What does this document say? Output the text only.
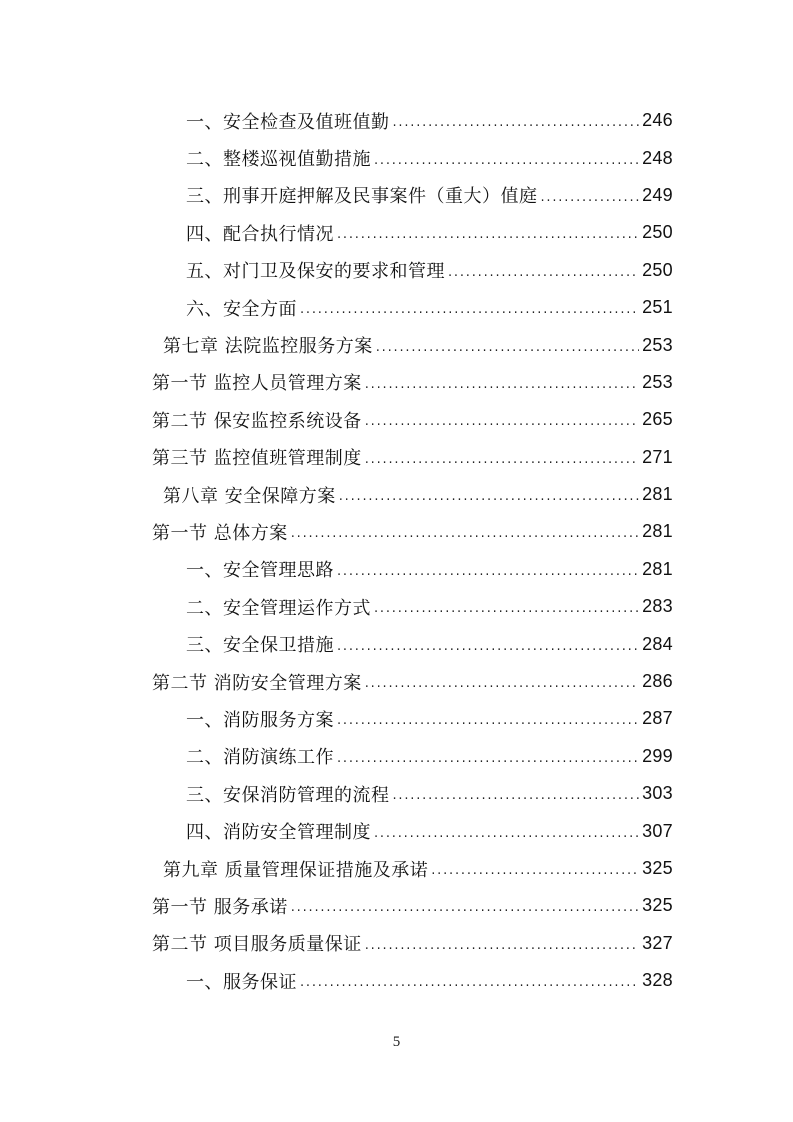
一、安全检查及值班值勤 .....	246
二、整楼巡视值勤措施 .....	248
三、刑事开庭押解及民事案件（重大）值庭 .....	249
四、配合执行情况 .....	250
五、对门卫及保安的要求和管理 .....	250
六、安全方面 .....	251
第七章 法院监控服务方案 .....	253
第一节 监控人员管理方案 .....	253
第二节 保安监控系统设备 .....	265
第三节 监控值班管理制度 .....	271
第八章 安全保障方案 .....	281
第一节 总体方案 .....	281
一、安全管理思路 .....	281
二、安全管理运作方式 .....	283
三、安全保卫措施 .....	284
第二节 消防安全管理方案 .....	286
一、消防服务方案 .....	287
二、消防演练工作 .....	299
三、安保消防管理的流程 .....	303
四、消防安全管理制度 .....	307
第九章 质量管理保证措施及承诺 .....	325
第一节 服务承诺 .....	325
第二节 项目服务质量保证 .....	327
一、服务保证 .....	328
5
